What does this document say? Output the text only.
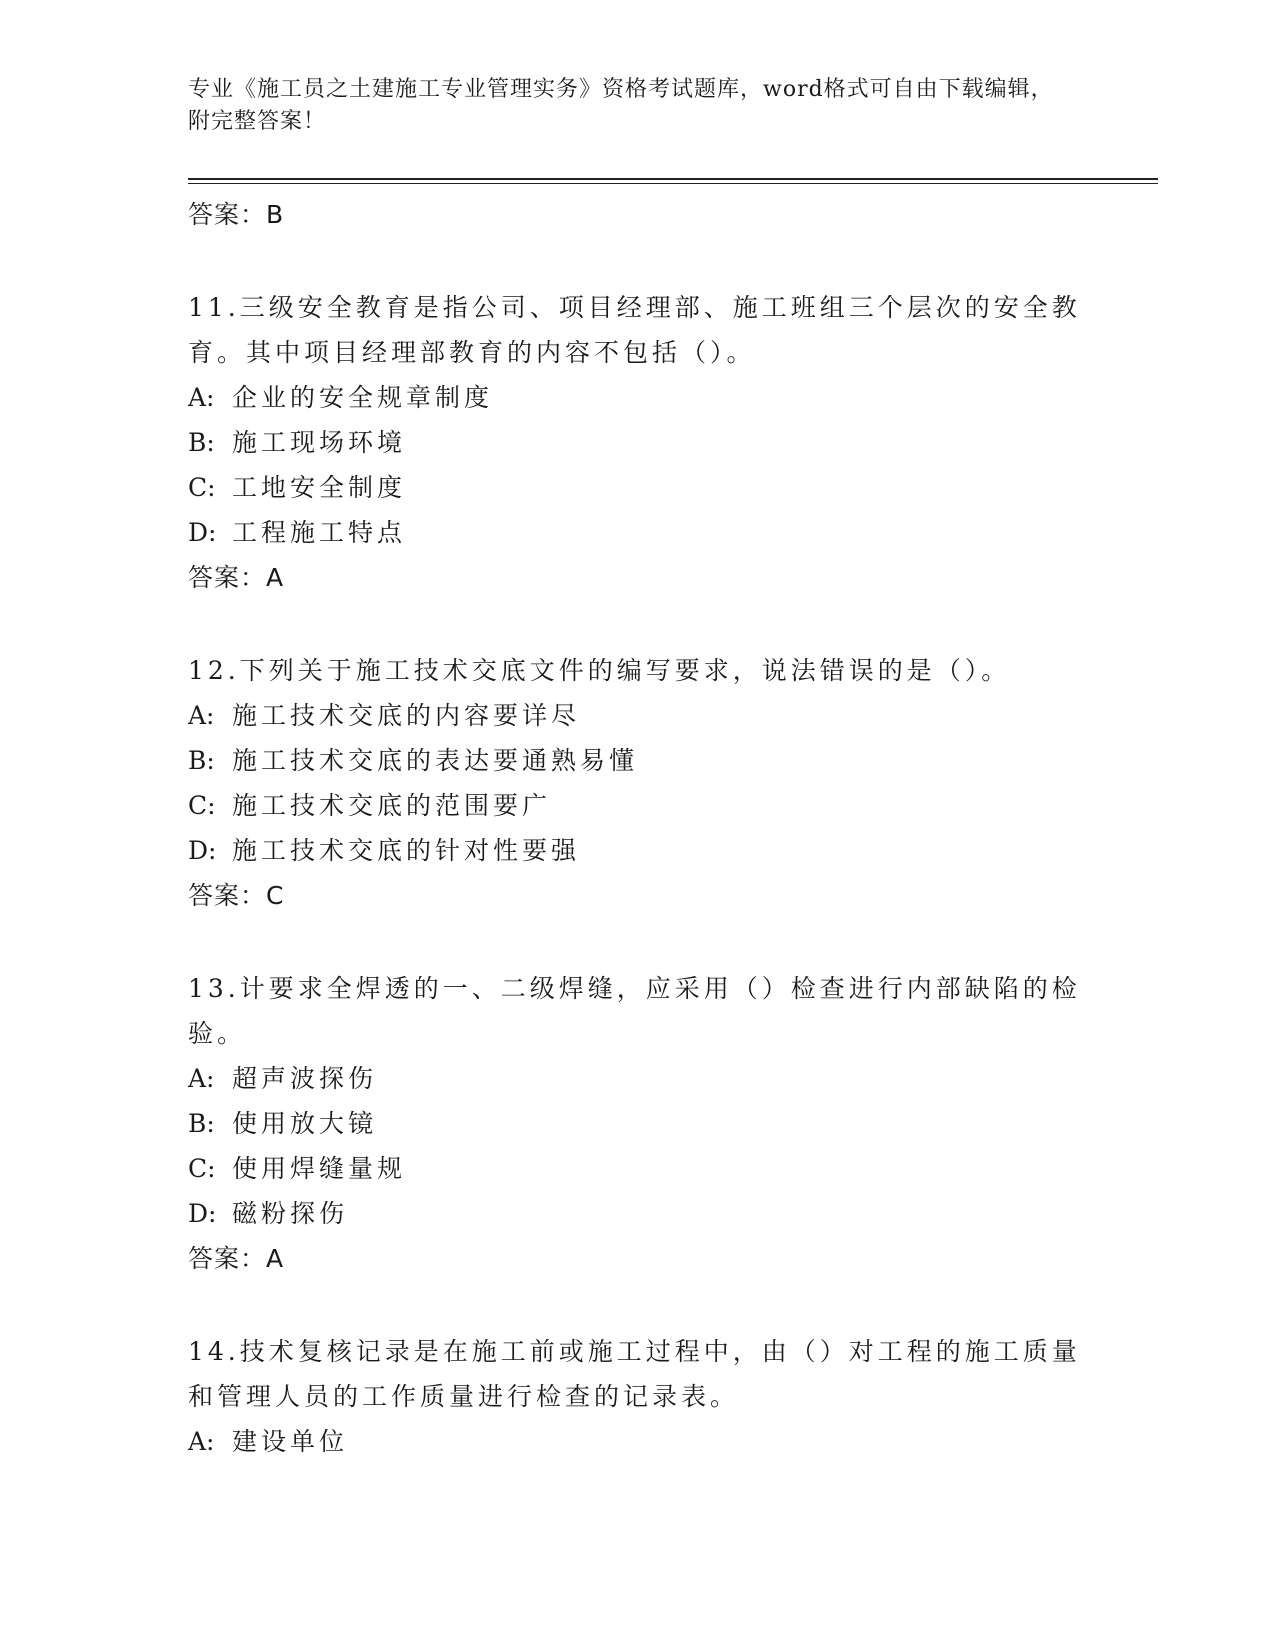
专业《施工员之土建施工专业管理实务》资格考试题库，word格式可自由下载编辑，附完整答案！
答案：B
11.三级安全教育是指公司、项目经理部、施工班组三个层次的安全教育。其中项目经理部教育的内容不包括（）。
A: 企业的安全规章制度
B: 施工现场环境
C: 工地安全制度
D: 工程施工特点
答案：A
12.下列关于施工技术交底文件的编写要求，说法错误的是（）。
A: 施工技术交底的内容要详尽
B: 施工技术交底的表达要通熟易懂
C: 施工技术交底的范围要广
D: 施工技术交底的针对性要强
答案：C
13.计要求全焊透的一、二级焊缝，应采用（）检查进行内部缺陷的检验。
A: 超声波探伤
B: 使用放大镜
C: 使用焊缝量规
D: 磁粉探伤
答案：A
14.技术复核记录是在施工前或施工过程中，由（）对工程的施工质量和管理人员的工作质量进行检查的记录表。
A: 建设单位
